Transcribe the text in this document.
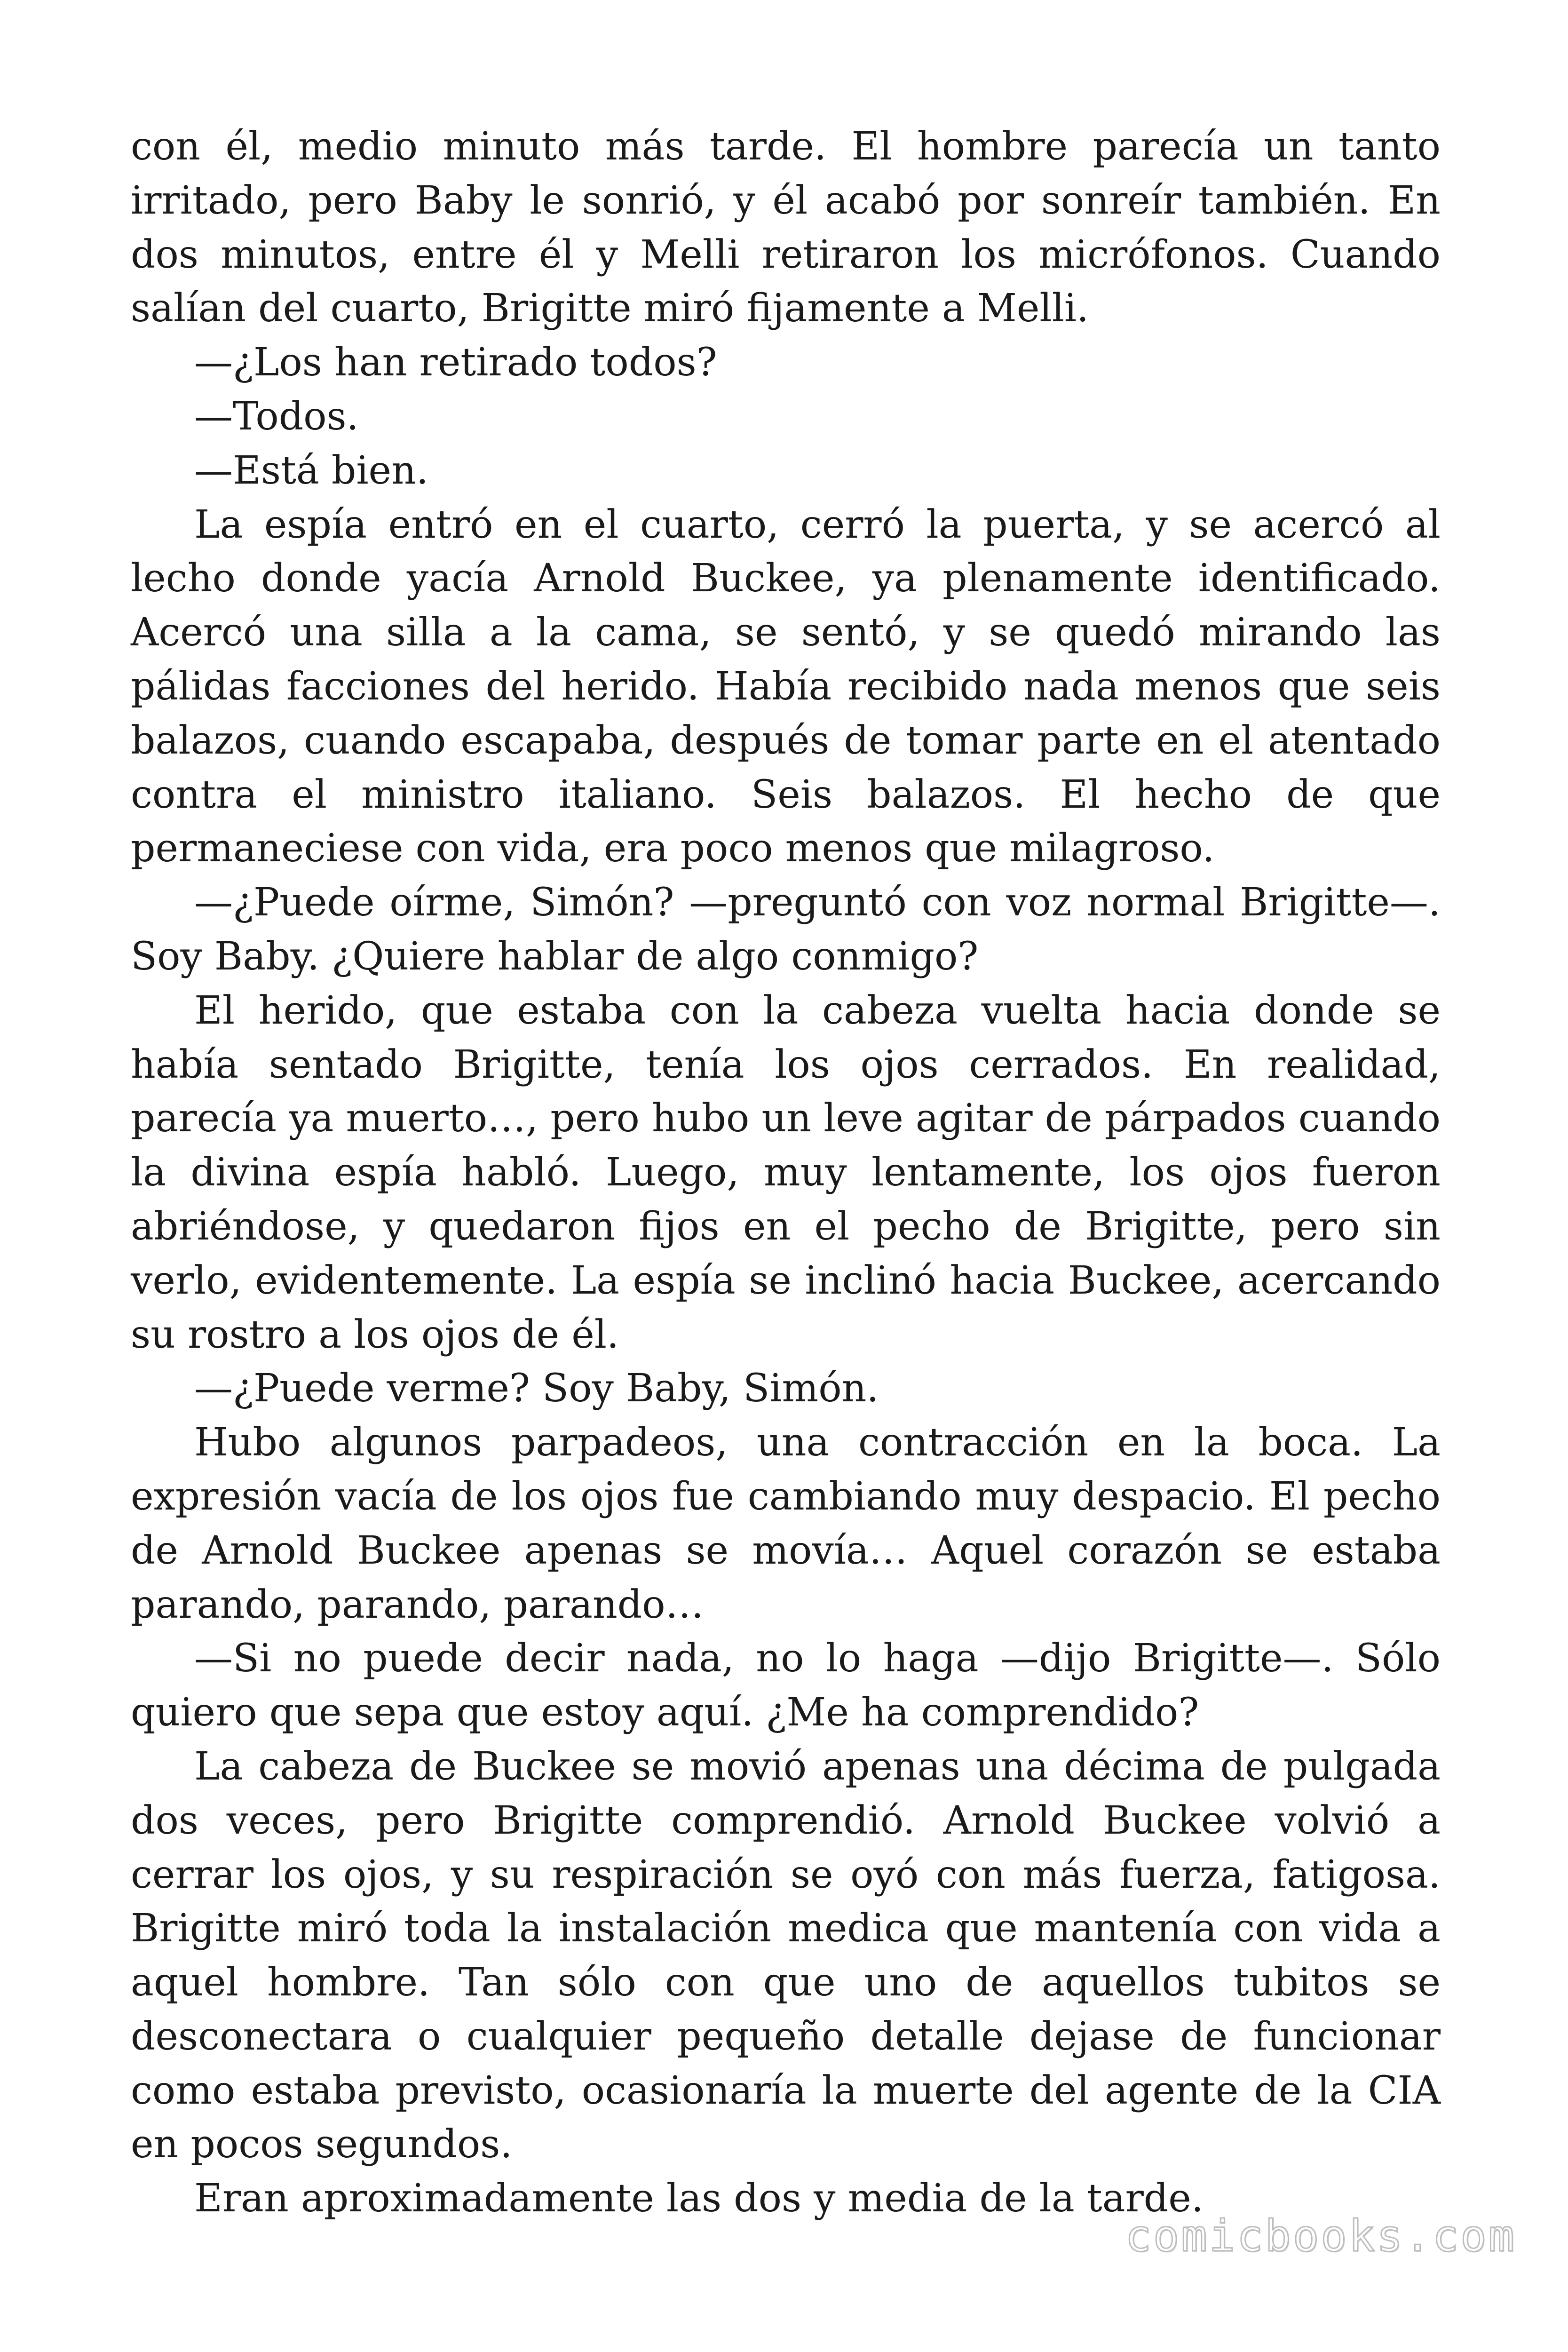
con él, medio minuto más tarde. El hombre parecía un tanto irritado, pero Baby le sonrió, y él acabó por sonreír también. En dos minutos, entre él y Melli retiraron los micrófonos. Cuando salían del cuarto, Brigitte miró fijamente a Melli.

—¿Los han retirado todos?

—Todos.

—Está bien.

La espía entró en el cuarto, cerró la puerta, y se acercó al lecho donde yacía Arnold Buckee, ya plenamente identificado. Acercó una silla a la cama, se sentó, y se quedó mirando las pálidas facciones del herido. Había recibido nada menos que seis balazos, cuando escapaba, después de tomar parte en el atentado contra el ministro italiano. Seis balazos. El hecho de que permaneciese con vida, era poco menos que milagroso.

—¿Puede oírme, Simón? —preguntó con voz normal Brigitte—. Soy Baby. ¿Quiere hablar de algo conmigo?

El herido, que estaba con la cabeza vuelta hacia donde se había sentado Brigitte, tenía los ojos cerrados. En realidad, parecía ya muerto…, pero hubo un leve agitar de párpados cuando la divina espía habló. Luego, muy lentamente, los ojos fueron abriéndose, y quedaron fijos en el pecho de Brigitte, pero sin verlo, evidentemente. La espía se inclinó hacia Buckee, acercando su rostro a los ojos de él.

—¿Puede verme? Soy Baby, Simón.

Hubo algunos parpadeos, una contracción en la boca. La expresión vacía de los ojos fue cambiando muy despacio. El pecho de Arnold Buckee apenas se movía… Aquel corazón se estaba parando, parando, parando…

—Si no puede decir nada, no lo haga —dijo Brigitte—. Sólo quiero que sepa que estoy aquí. ¿Me ha comprendido?

La cabeza de Buckee se movió apenas una décima de pulgada dos veces, pero Brigitte comprendió. Arnold Buckee volvió a cerrar los ojos, y su respiración se oyó con más fuerza, fatigosa. Brigitte miró toda la instalación medica que mantenía con vida a aquel hombre. Tan sólo con que uno de aquellos tubitos se desconectara o cualquier pequeño detalle dejase de funcionar como estaba previsto, ocasionaría la muerte del agente de la CIA en pocos segundos.

Eran aproximadamente las dos y media de la tarde.

comicbooks.com
